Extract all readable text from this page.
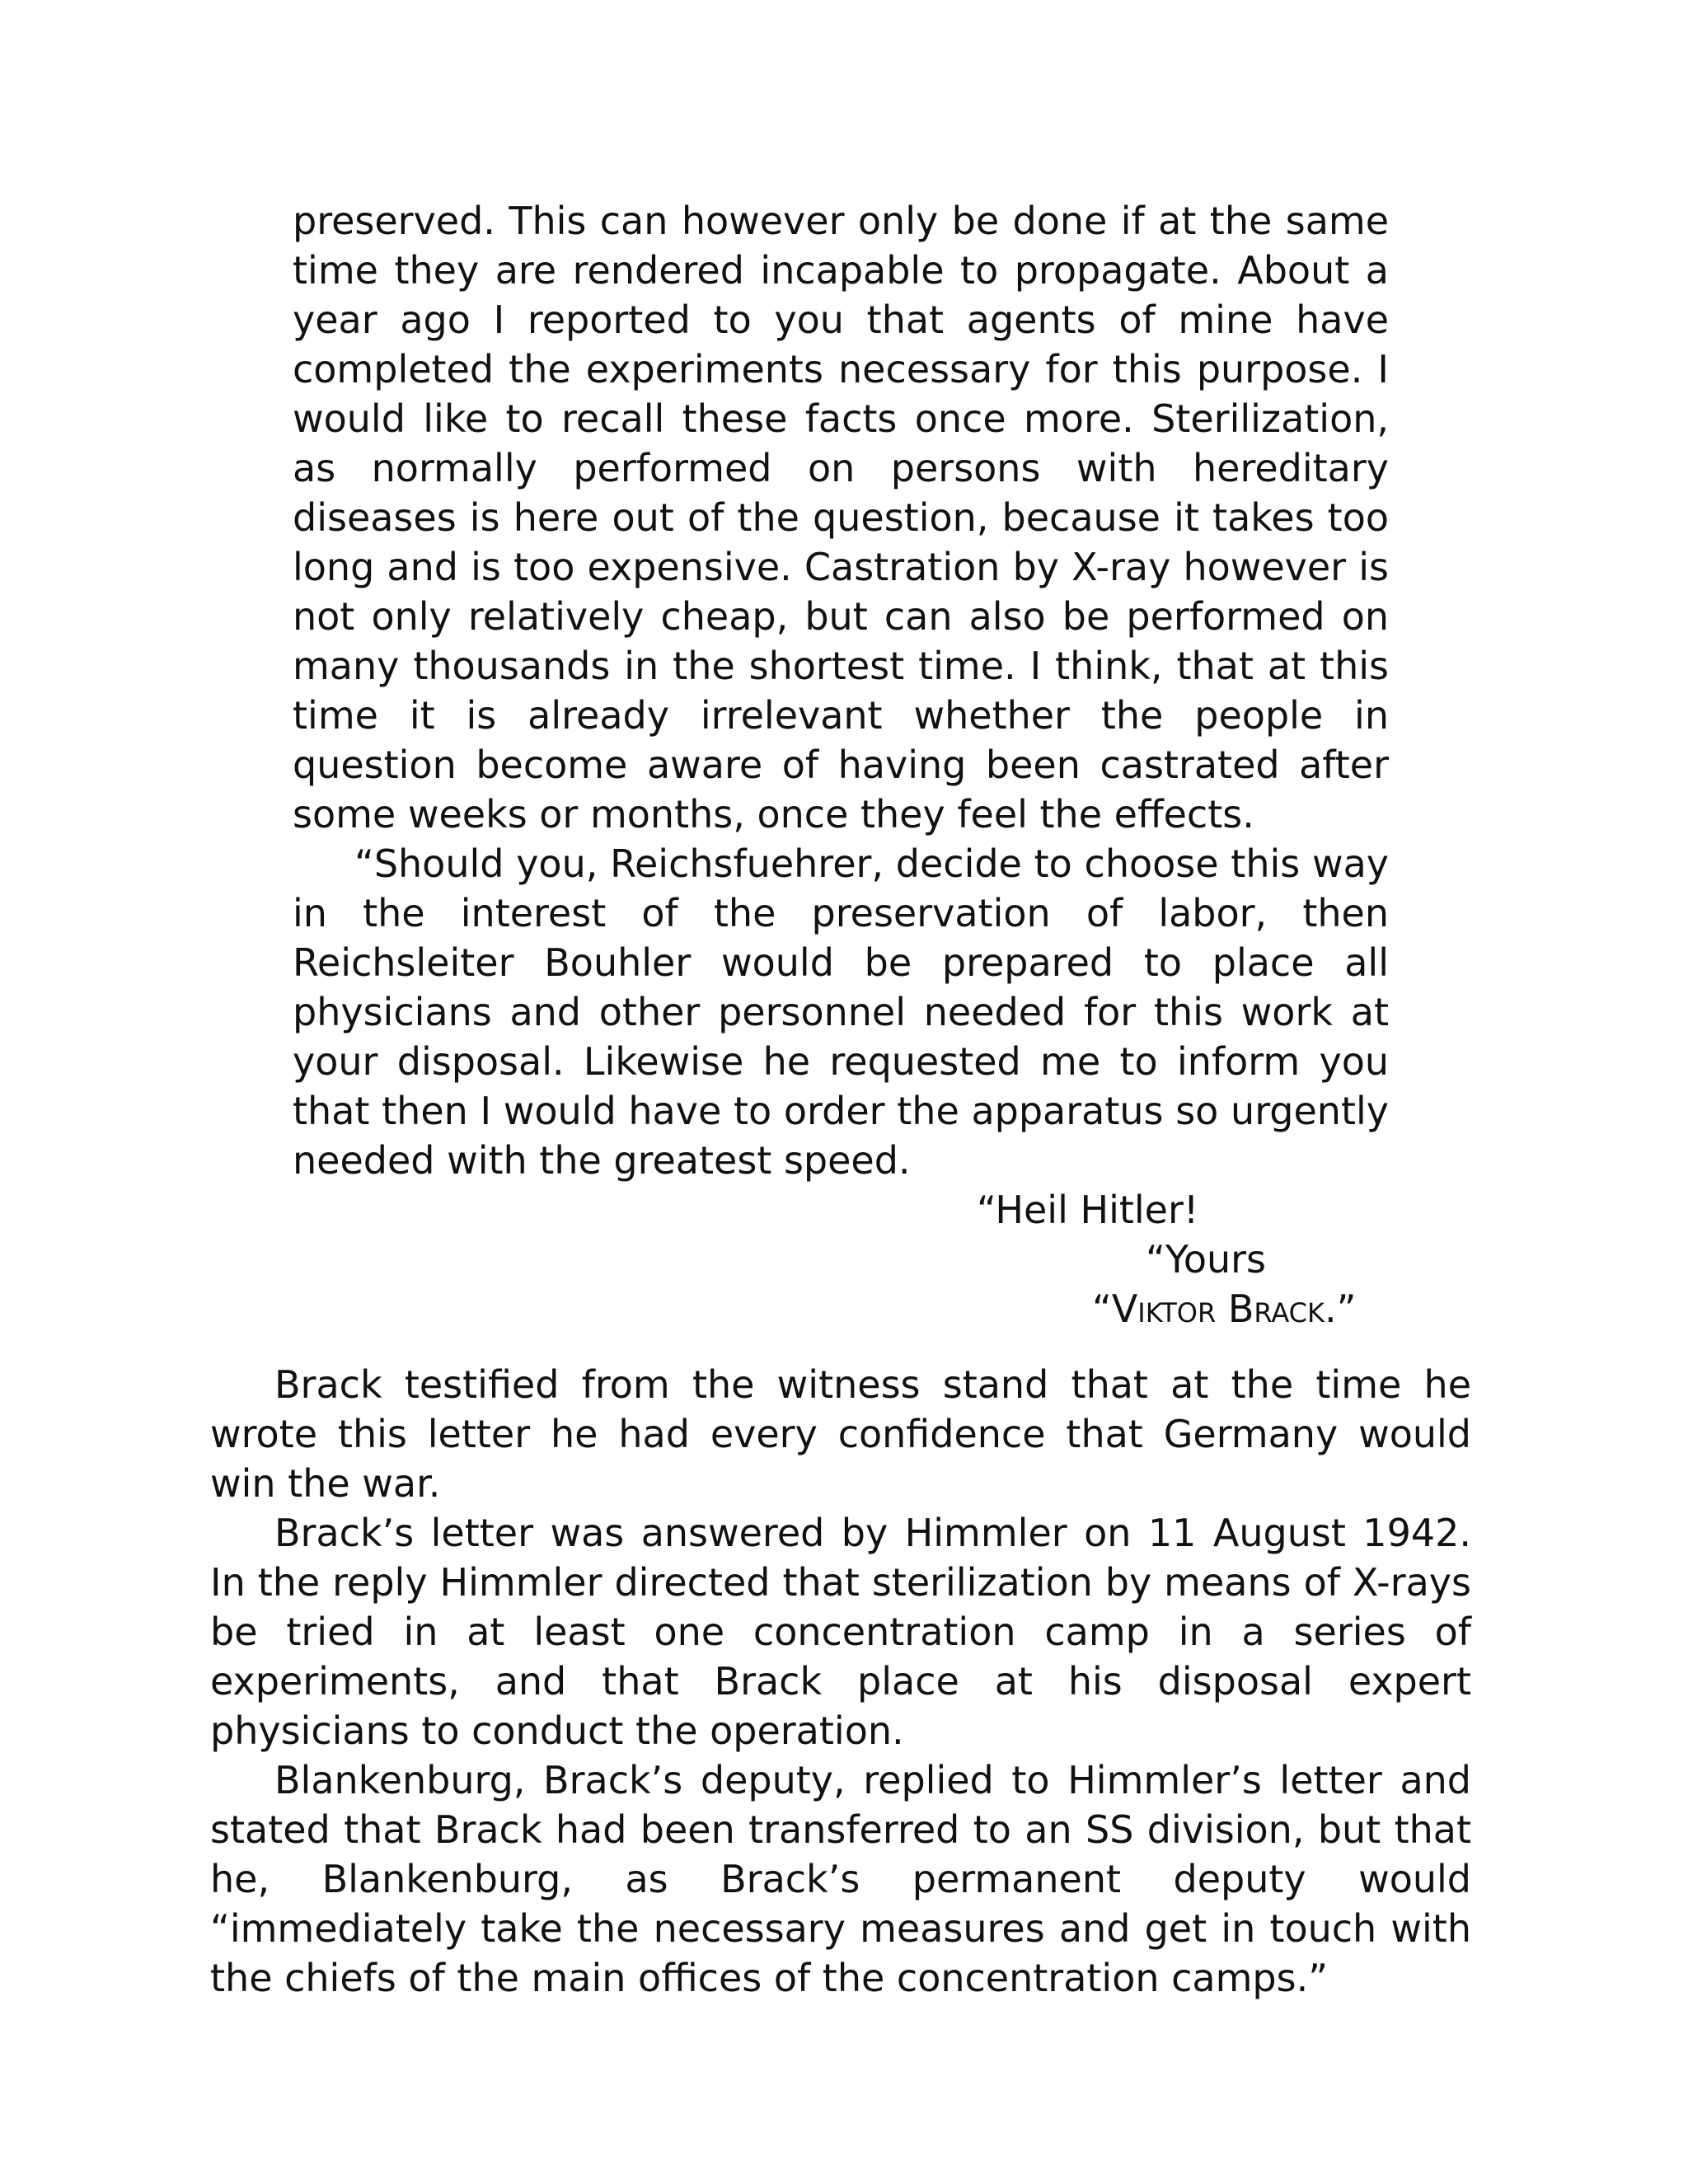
preserved. This can however only be done if at the same time they are rendered incapable to propagate. About a year ago I reported to you that agents of mine have completed the experiments necessary for this purpose. I would like to recall these facts once more. Sterilization, as normally performed on persons with hereditary diseases is here out of the question, because it takes too long and is too expensive. Castration by X-ray however is not only relatively cheap, but can also be performed on many thousands in the shortest time. I think, that at this time it is already irrelevant whether the people in question become aware of having been castrated after some weeks or months, once they feel the effects.

“Should you, Reichsfuehrer, decide to choose this way in the interest of the preservation of labor, then Reichsleiter Bouhler would be prepared to place all physicians and other personnel needed for this work at your disposal. Likewise he requested me to inform you that then I would have to order the apparatus so urgently needed with the greatest speed.

“Heil Hitler!

“Yours

“Viktor Brack.”

Brack testified from the witness stand that at the time he wrote this letter he had every confidence that Germany would win the war.

Brack’s letter was answered by Himmler on 11 August 1942. In the reply Himmler directed that sterilization by means of X-rays be tried in at least one concentration camp in a series of experiments, and that Brack place at his disposal expert physicians to conduct the operation.

Blankenburg, Brack’s deputy, replied to Himmler’s letter and stated that Brack had been transferred to an SS division, but that he, Blankenburg, as Brack’s permanent deputy would “immediately take the necessary measures and get in touch with the chiefs of the main offices of the concentration camps.”
